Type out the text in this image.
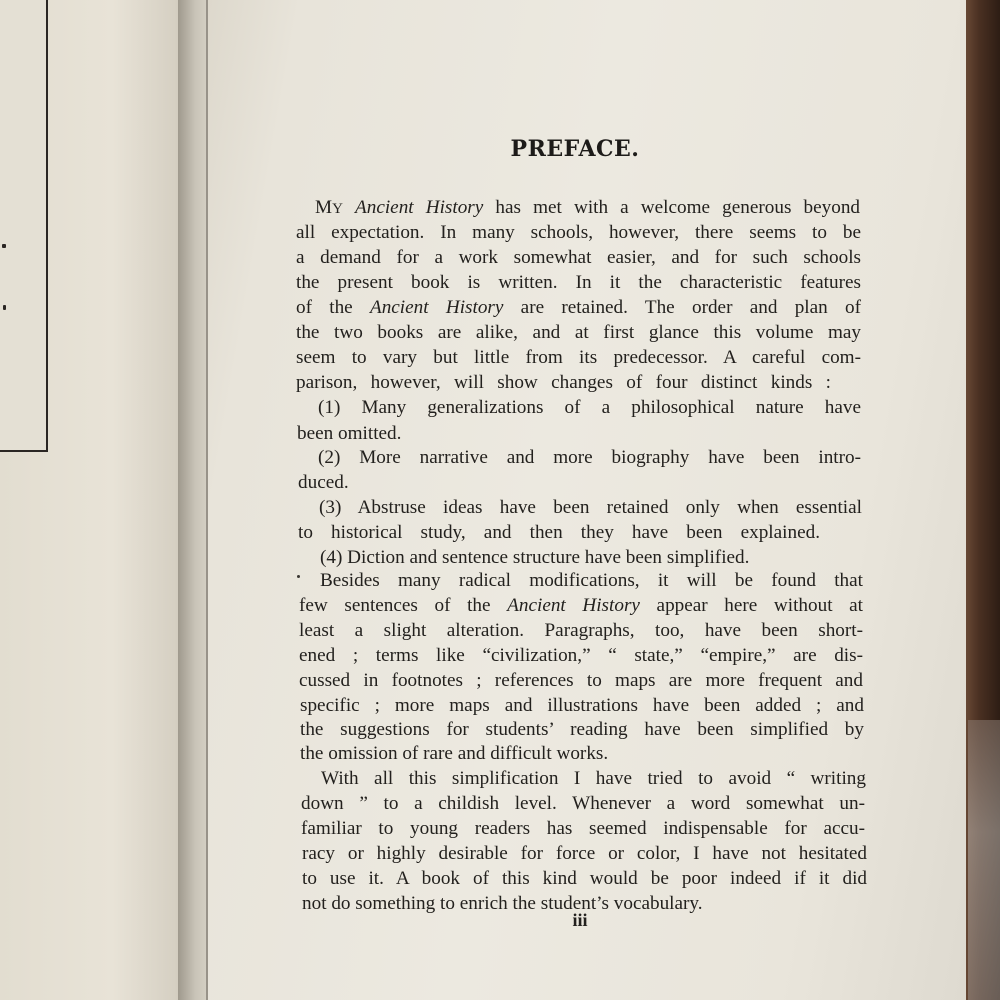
PREFACE.
MY Ancient History has met with a welcome generous beyond
all expectation. In many schools, however, there seems to be
a demand for a work somewhat easier, and for such schools
the present book is written. In it the characteristic features
of the Ancient History are retained. The order and plan of
the two books are alike, and at first glance this volume may
seem to vary but little from its predecessor. A careful com-
parison, however, will show changes of four distinct kinds :
(1) Many generalizations of a philosophical nature have
been omitted.
(2) More narrative and more biography have been intro-
duced.
(3) Abstruse ideas have been retained only when essential
to historical study, and then they have been explained.
(4) Diction and sentence structure have been simplified.
Besides many radical modifications, it will be found that
few sentences of the Ancient History appear here without at
least a slight alteration. Paragraphs, too, have been short-
ened ; terms like “civilization,” “ state,” “empire,” are dis-
cussed in footnotes ; references to maps are more frequent and
specific ; more maps and illustrations have been added ; and
the suggestions for students’ reading have been simplified by
the omission of rare and difficult works.
With all this simplification I have tried to avoid “ writing
down ” to a childish level. Whenever a word somewhat un-
familiar to young readers has seemed indispensable for accu-
racy or highly desirable for force or color, I have not hesitated
to use it. A book of this kind would be poor indeed if it did
not do something to enrich the student’s vocabulary.
iii
